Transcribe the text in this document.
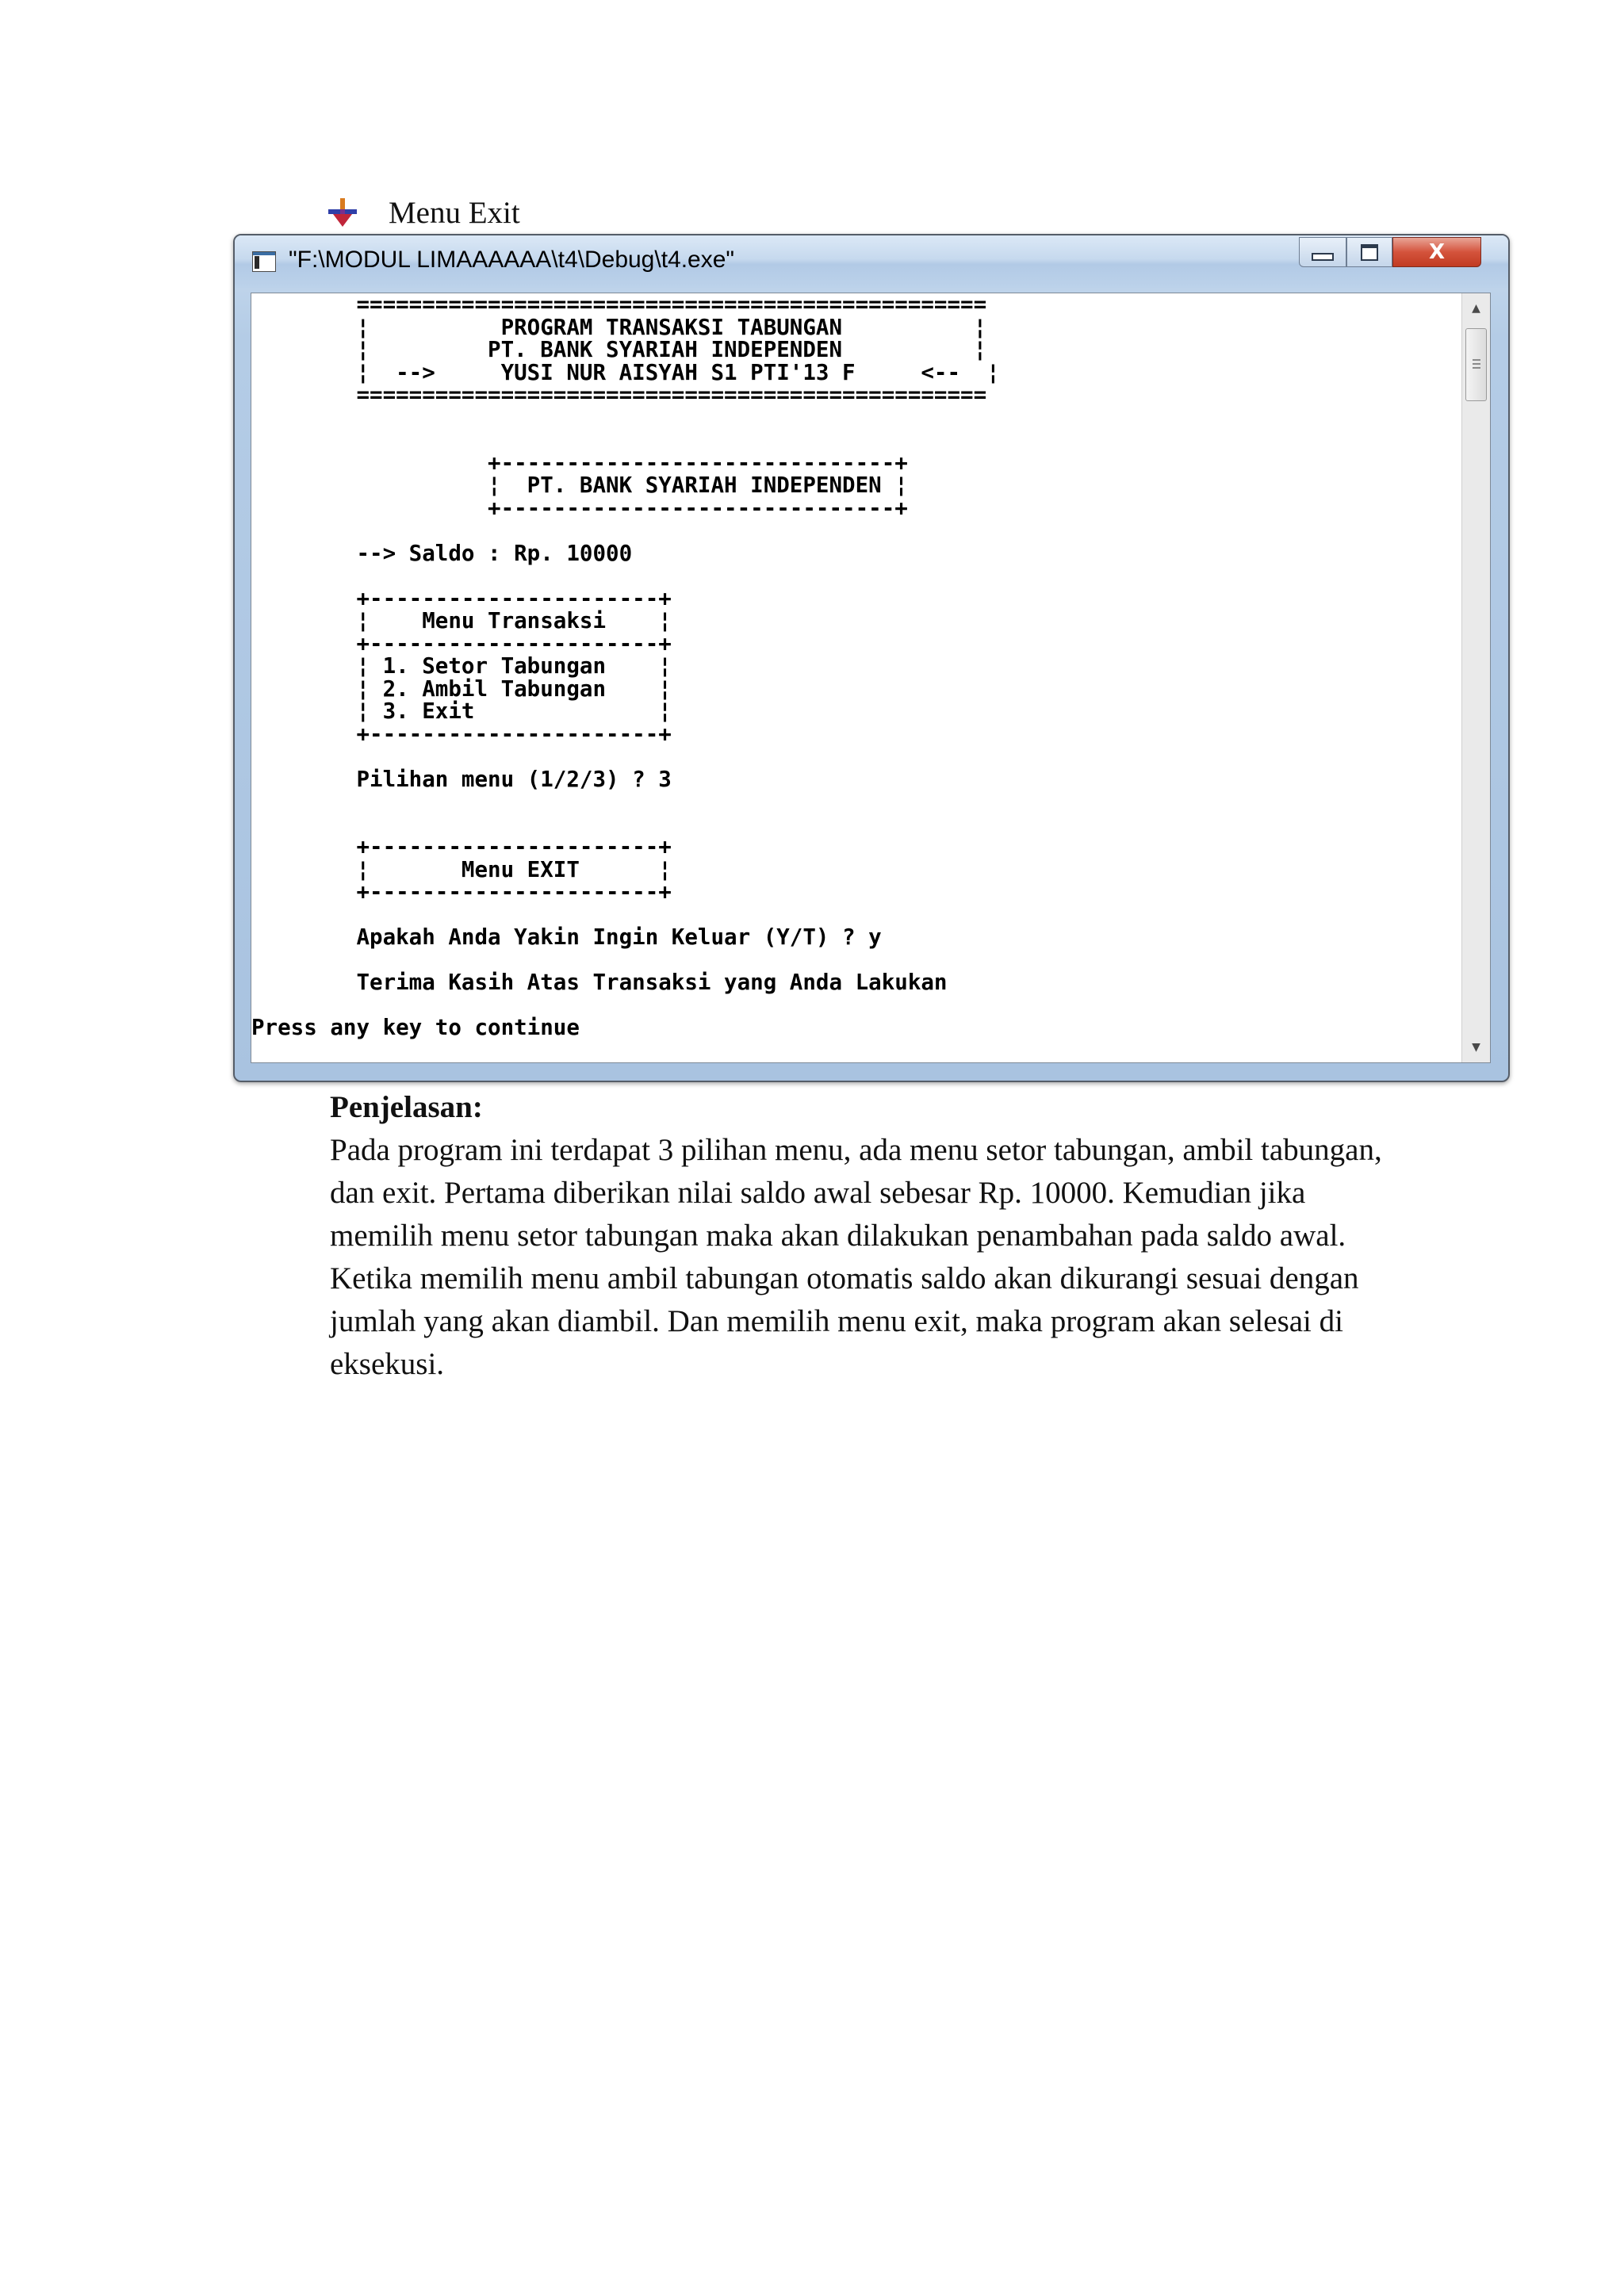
Menu Exit
"F:\MODUL LIMAAAAAA\t4\Debug\t4.exe"	X
================================================
¦          PROGRAM TRANSAKSI TABUNGAN          ¦
¦         PT. BANK SYARIAH INDEPENDEN          ¦
¦  -->     YUSI NUR AISYAH S1 PTI'13 F     <--  ¦
================================================

+------------------------------+
¦  PT. BANK SYARIAH INDEPENDEN ¦
+------------------------------+

--> Saldo : Rp. 10000

+----------------------+
¦    Menu Transaksi    ¦
+----------------------+
¦ 1. Setor Tabungan    ¦
¦ 2. Ambil Tabungan    ¦
¦ 3. Exit              ¦
+----------------------+

Pilihan menu (1/2/3) ? 3

+----------------------+
¦       Menu EXIT      ¦
+----------------------+

Apakah Anda Yakin Ingin Keluar (Y/T) ? y

Terima Kasih Atas Transaksi yang Anda Lakukan

Press any key to continue

▲
▼

Penjelasan:

Pada program ini terdapat 3 pilihan menu, ada menu setor tabungan, ambil tabungan,

dan exit. Pertama diberikan nilai saldo awal sebesar Rp. 10000. Kemudian jika

memilih menu setor tabungan maka akan dilakukan penambahan pada saldo awal.

Ketika memilih menu ambil tabungan otomatis saldo akan dikurangi sesuai dengan

jumlah yang akan diambil. Dan memilih menu exit, maka program akan selesai di

eksekusi.
